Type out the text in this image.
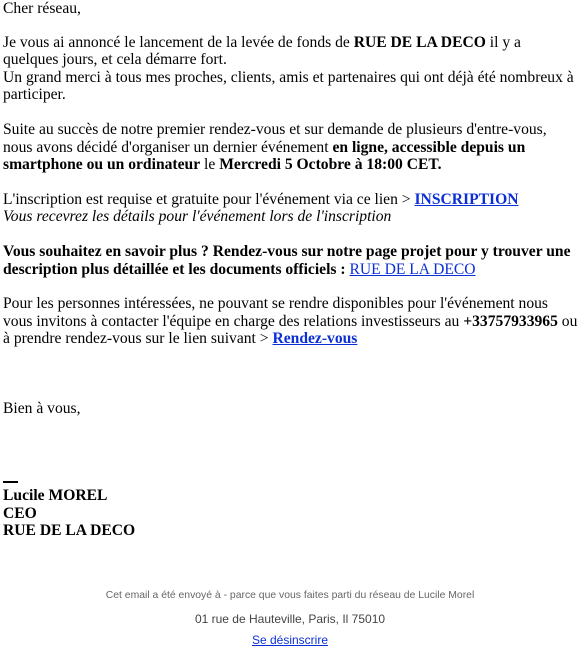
Cher réseau,

Je vous ai annoncé le lancement de la levée de fonds de RUE DE LA DECO il y a quelques jours, et cela démarre fort.

Un grand merci à tous mes proches, clients, amis et partenaires qui ont déjà été nombreux à participer.

Suite au succès de notre premier rendez-vous et sur demande de plusieurs d'entre-vous, nous avons décidé d'organiser un dernier événement en ligne, accessible depuis un smartphone ou un ordinateur le Mercredi 5 Octobre à 18:00 CET.

L'inscription est requise et gratuite pour l'événement via ce lien > INSCRIPTION

Vous recevrez les détails pour l'événement lors de l'inscription

Vous souhaitez en savoir plus ? Rendez-vous sur notre page projet pour y trouver une description plus détaillée et les documents officiels : RUE DE LA DECO

Pour les personnes intéressées, ne pouvant se rendre disponibles pour l'événement nous vous invitons à contacter l'équipe en charge des relations investisseurs au +33757933965 ou à prendre rendez-vous sur le lien suivant > Rendez-vous

Bien à vous,

Lucile MOREL

CEO

RUE DE LA DECO

Cet email a été envoyé à - parce que vous faites parti du réseau de Lucile Morel
01 rue de Hauteville, Paris, Il 75010
Se désinscrire
